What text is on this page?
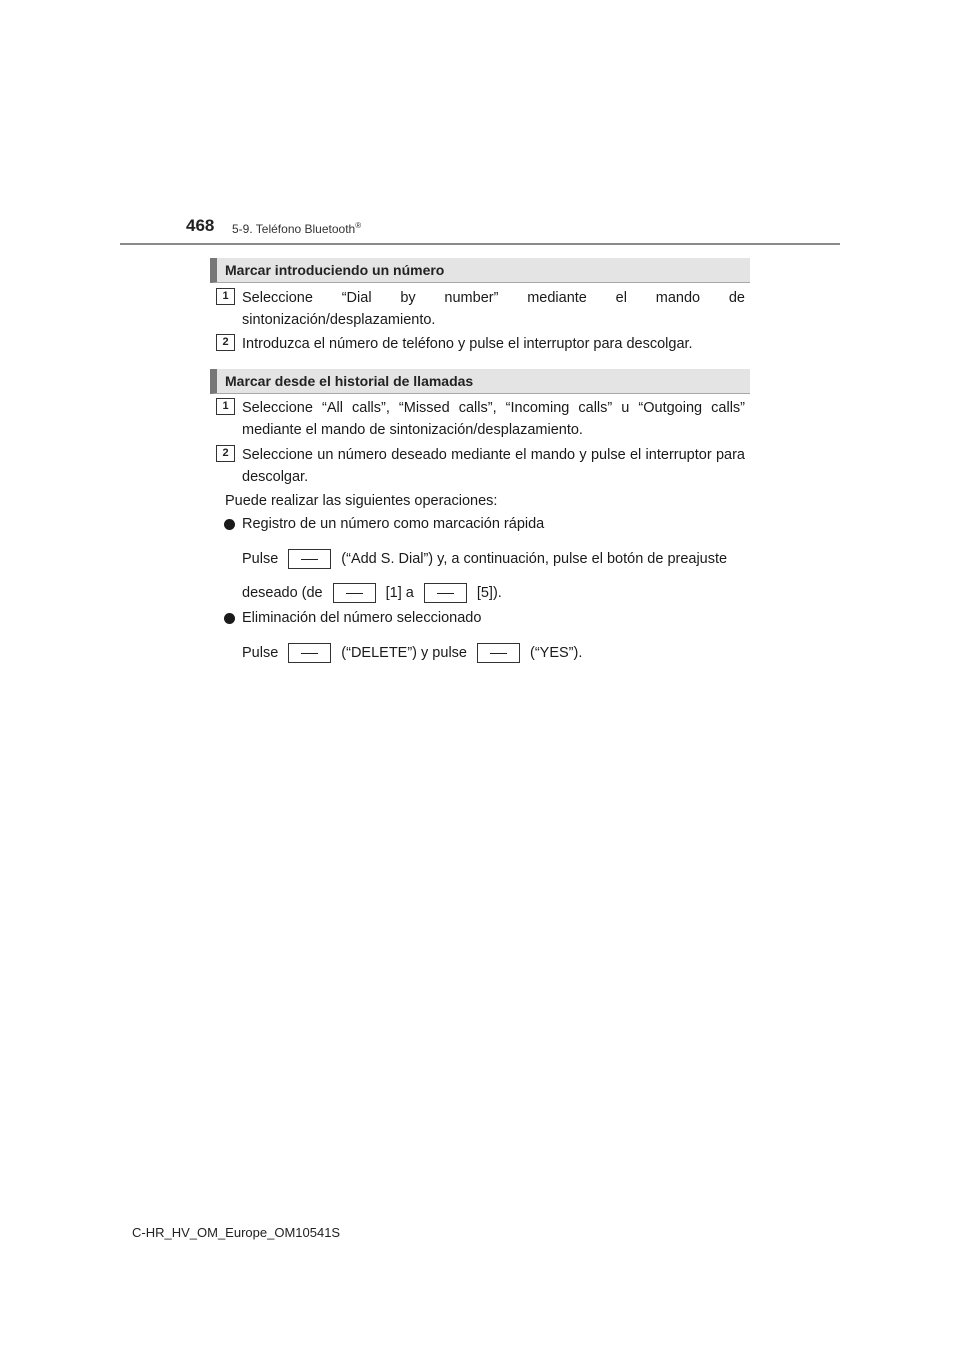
468 5-9. Teléfono Bluetooth®
Marcar introduciendo un número
1 Seleccione “Dial by number” mediante el mando de sintonización/desplazamiento.
2 Introduzca el número de teléfono y pulse el interruptor para descolgar.
Marcar desde el historial de llamadas
1 Seleccione “All calls”, “Missed calls”, “Incoming calls” u “Outgoing calls” mediante el mando de sintonización/desplazamiento.
2 Seleccione un número deseado mediante el mando y pulse el interruptor para descolgar.
Puede realizar las siguientes operaciones:
Registro de un número como marcación rápida
Pulse	(“Add S. Dial”) y, a continuación, pulse el botón de preajuste
deseado (de	[1] a	[5]).
Eliminación del número seleccionado
Pulse	(“DELETE”) y pulse	(“YES”).
C-HR_HV_OM_Europe_OM10541S
